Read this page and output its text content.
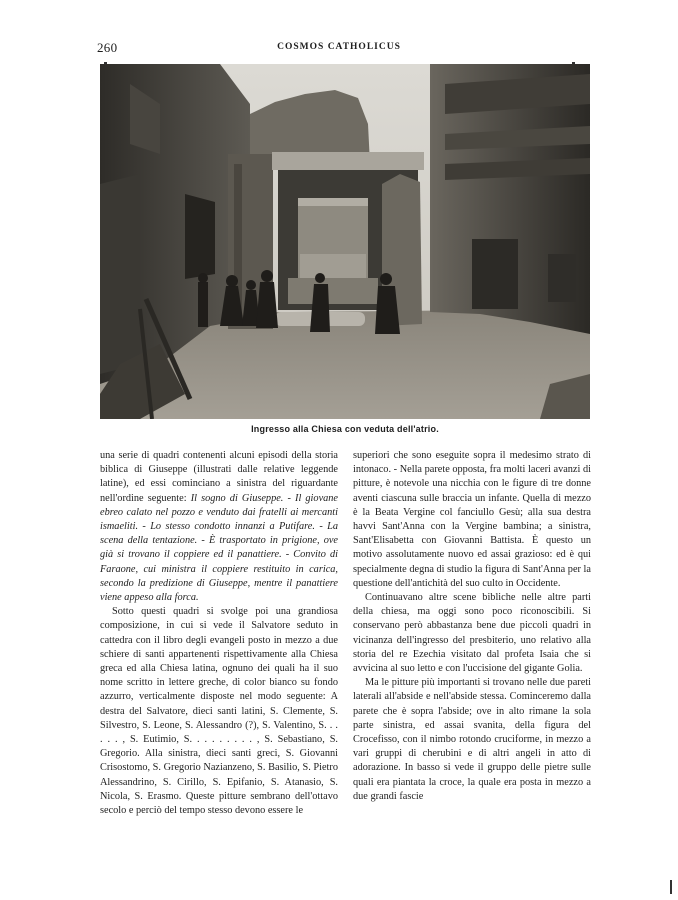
260	COSMOS CATHOLICUS
Ingresso alla Chiesa con veduta dell'atrio.

una serie di quadri contenenti alcuni episodi della storia biblica di Giuseppe (illustrati dalle relative leggende latine), ed essi cominciano a sinistra del riguardante nell'ordine seguente: Il sogno di Giuseppe. - Il giovane ebreo calato nel pozzo e venduto dai fratelli ai mercanti ismaeliti. - Lo stesso condotto innanzi a Putifare. - La scena della tentazione. - È trasportato in prigione, ove già si trovano il coppiere ed il panattiere. - Convito di Faraone, cui ministra il coppiere restituito in carica, secondo la predizione di Giuseppe, mentre il panattiere viene appeso alla forca.

Sotto questi quadri si svolge poi una grandiosa composizione, in cui si vede il Salvatore seduto in cattedra con il libro degli evangeli posto in mezzo a due schiere di santi appartenenti rispettivamente alla Chiesa greca ed alla Chiesa latina, ognuno dei quali ha il suo nome scritto in lettere greche, di color bianco su fondo azzurro, verticalmente disposte nel modo seguente: A destra del Salvatore, dieci santi latini, S. Clemente, S. Silvestro, S. Leone, S. Alessandro (?), S. Valentino, S. . . . . . , S. Eutimio, S. . . . . . . . . , S. Sebastiano, S. Gregorio. Alla sinistra, dieci santi greci, S. Giovanni Crisostomo, S. Gregorio Nazianzeno, S. Basilio, S. Pietro Alessandrino, S. Cirillo, S. Epifanio, S. Atanasio, S. Nicola, S. Erasmo. Queste pitture sembrano dell'ottavo secolo e perciò del tempo stesso devono essere le

superiori che sono eseguite sopra il medesimo strato di intonaco. - Nella parete opposta, fra molti laceri avanzi di pitture, è notevole una nicchia con le figure di tre donne aventi ciascuna sulle braccia un infante. Quella di mezzo è la Beata Vergine col fanciullo Gesù; alla sua destra havvi Sant'Anna con la Vergine bambina; a sinistra, Sant'Elisabetta con Giovanni Battista. È questo un motivo assolutamente nuovo ed assai grazioso: ed è qui specialmente degna di studio la figura di Sant'Anna per la questione dell'antichità del suo culto in Occidente.

Continuavano altre scene bibliche nelle altre parti della chiesa, ma oggi sono poco riconoscibili. Si conservano però abbastanza bene due piccoli quadri in vicinanza dell'ingresso del presbiterio, uno relativo alla storia del re Ezechia visitato dal profeta Isaia che si avvicina al suo letto e con l'uccisione del gigante Golia.

Ma le pitture più importanti si trovano nelle due pareti laterali all'abside e nell'abside stessa. Cominceremo dalla parete che è sopra l'abside; ove in alto rimane la sola parte sinistra, ed assai svanita, della figura del Crocefisso, con il nimbo rotondo cruciforme, in mezzo a vari gruppi di cherubini e di altri angeli in atto di adorazione. In basso si vede il gruppo delle pietre sulle quali era piantata la croce, la quale era posta in mezzo a due grandi fascie
